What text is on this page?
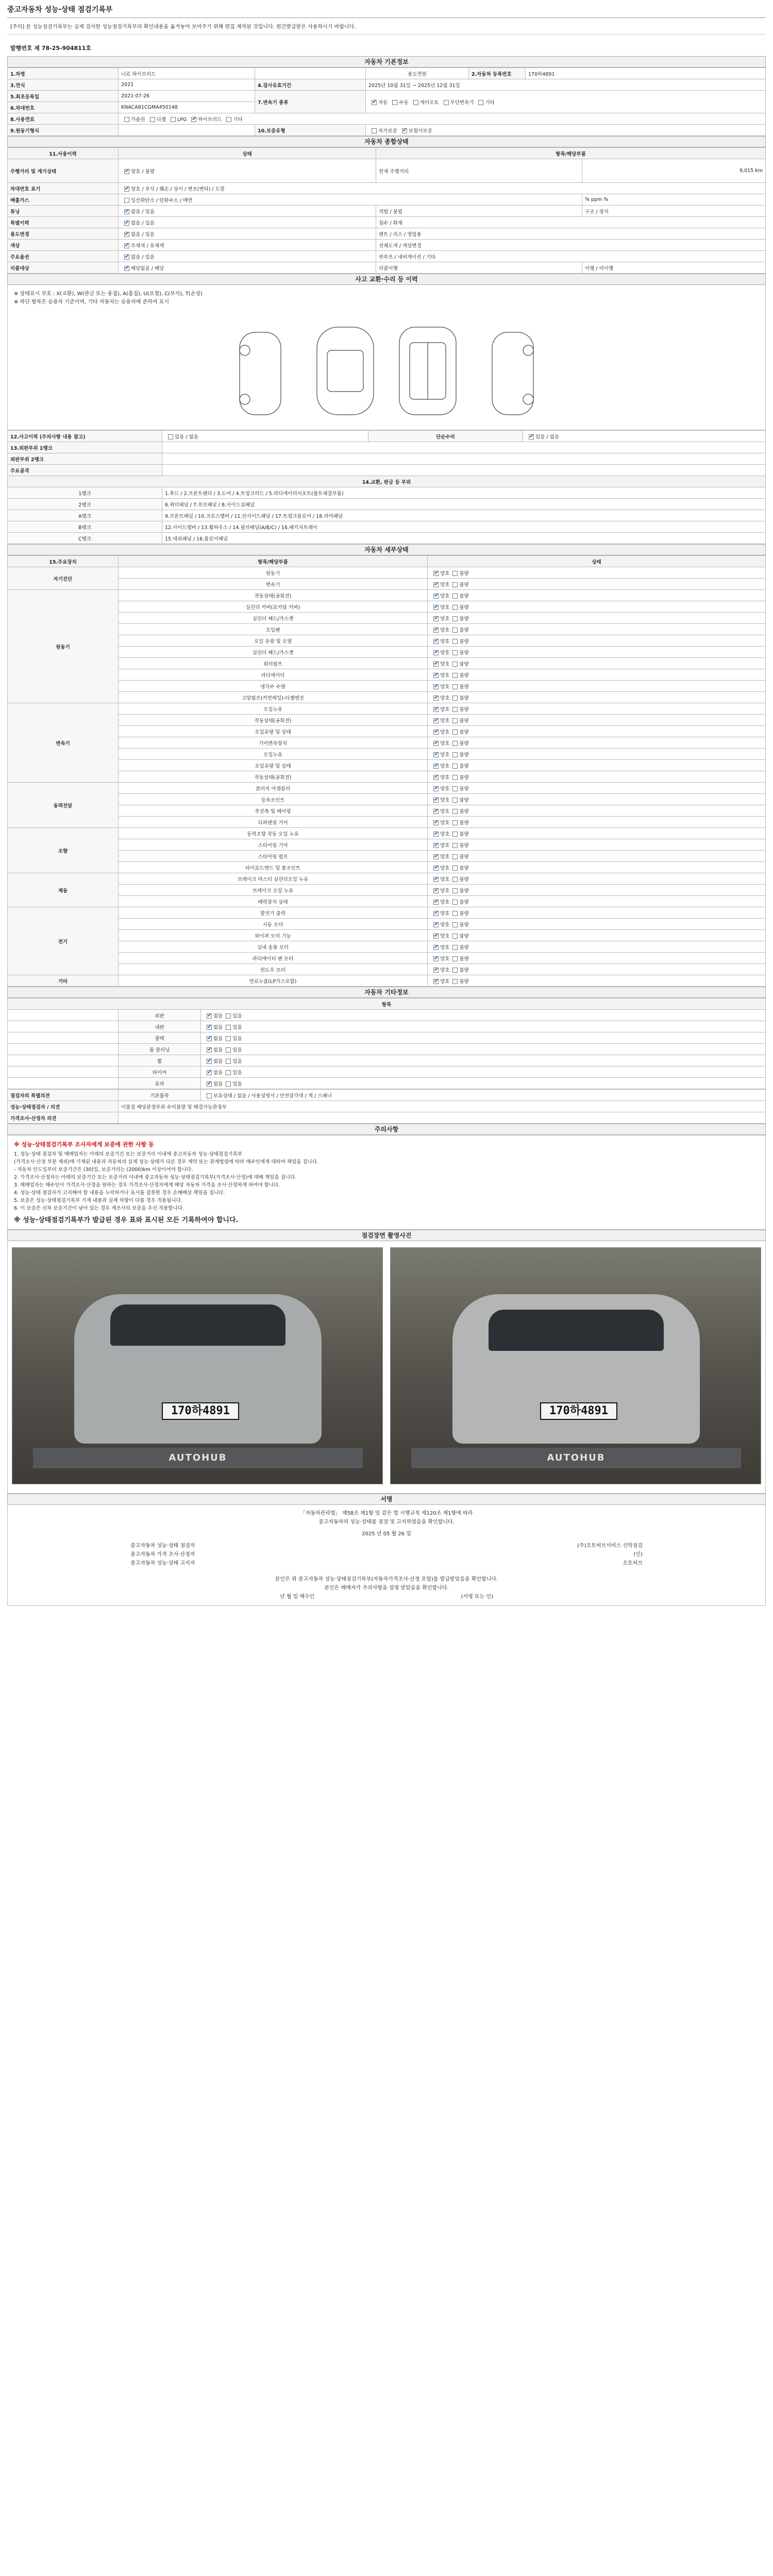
중고자동차 성능·상태 점검기록부
[주의] 본 성능점검기록부는 실제 검사한 성능점검기록부의 확인내용을 옮겨놓아 보여주기 위해 편집 제작된 것입니다. 원간발급받은 사용하시기 바랍니다.
발행번호 제 78-25-904811호
자동차 기본정보
1.차명	니로 하이브리드		용도연원	2.자동차 등록번호	170하4891
3.연식	2021	4.검사유효기간	2025년 10월 31일 ~ 2025년 12월 31일		
5.최초등록일	2021-07-26	7.변속기 종류	✔자동 수동 세미오토 무단변속기 기타
6.차대번호	KNACA81CGMA450148				
8.사용연료	가솔린 디젤 LPG ✔ 하이브리드 기타
9.원동기형식		10.보증유형	자가보증 ✔ 보험사보증
자동차 종합상태
11.사용이력	상태	항목/해당부품	
주행거리 및 계기상태	✔양호 / 불량	현재 주행거리	9,015 km
차대번호 표기	✔양호 / 부식 / 훼손 / 상이 / 변조(변타) / 도말
배출가스	일산화탄소 / 탄화수소 / 매연		% ppm %
튜닝	✔없음 / 있음	적법 / 불법	구조 / 장치
특별이력	✔없음 / 있음	침수 / 화재	
용도변경	✔없음 / 있음	렌트 / 리스 / 영업용	
색상	✔무채색 / 유채색	전체도색 / 색상변경	
주요옵션	✔없음 / 있음	썬루프 / 네비게이션 / 기타	
리콜대상	✔해당없음 / 해당	리콜이행	이행 / 미이행
사고 교환·수리 등 이력
※ 상태표시 부호 : X(교환), W(판금 또는 용접), A(흠집), U(요철), C(부식), T(손상)
※ 하단 항목은 승용차 기준이며, 기타 자동차는 승용차에 준하여 표시
12.사고이력 (주의사항 내용 참고)	있음 / 없음	단순수리	✔있음 / 없음
13.외판부위 1랭크			
외판부위 2랭크			
주요골격			
14.교환, 판금 등 부위			
1랭크	1.후드 / 2.프론트펜더 / 3.도어 / 4.트렁크리드 / 5.라디에이터서포트(볼트체결부품)		
2랭크	6.쿼터패널 / 7.루프패널 / 8.사이드실패널		
A랭크	9.프론트패널 / 10.크로스멤버 / 11.인사이드패널 / 17.트렁크플로어 / 18.리어패널		
B랭크	12.사이드멤버 / 13.휠하우스 / 14.필러패널(A/B/C) / 16.패키지트레이		
C랭크	15.대쉬패널 / 16.플로어패널		
자동차 세부상태
15.주요장치	항목/해당부품	상태
자기진단	원동기	✔양호 불량
	변속기	✔양호 불량
원동기	작동상태(공회전)	✔양호 불량
	실린더 커버(로커암 커버)	✔양호 불량
	실린더 헤드/가스켓	✔양호 불량
	오일팬	✔양호 불량
	오일 유량 및 오염	✔양호 불량
	실린더 헤드/가스켓	✔양호 불량
	워터펌프	✔양호 불량
	라디에이터	✔양호 불량
	냉각수 수량	✔양호 불량
	고압펌프(커먼레일)-디젤엔진	✔양호 불량
변속기	오일누유	✔양호 불량
	작동상태(공회전)	✔양호 불량
	오일유량 및 상태	✔양호 불량
	기어변속장치	✔양호 불량
	오일누유	✔양호 불량
	오일유량 및 상태	✔양호 불량
	작동상태(공회전)	✔양호 불량
동력전달	클러치 어셈블리	✔양호 불량
	등속조인트	✔양호 불량
	추진축 및 베어링	✔양호 불량
	디퍼렌셜 기어	✔양호 불량
조향	동력조향 작동 오일 누유	✔양호 불량
	스티어링 기어	✔양호 불량
	스티어링 펌프	✔양호 불량
	타이로드엔드 및 볼조인트	✔양호 불량
제동	브레이크 마스터 실린더오일 누유	✔양호 불량
	브레이크 오일 누유	✔양호 불량
	배력장치 상태	✔양호 불량
전기	발전기 출력	✔양호 불량
	시동 모터	✔양호 불량
	와이퍼 모터 기능	✔양호 불량
	실내 송풍 모터	✔양호 불량
	라디에이터 팬 모터	✔양호 불량
	윈도우 모터	✔양호 불량
기타	연료누출(LP가스포함)	✔양호 불량
자동차 기타정보
항목		
	외판	✔없음 있음
	내판	✔없음 있음
	광택	✔없음 있음
	룸 클리닝	✔없음 있음
	휠	✔없음 있음
	타이어	✔없음 있음
	유리	✔없음 있음
점검자의 특별의견	기본품목	보유상태 / 없음 / 사용설명서 / 안전삼각대 / 잭 / 스패너
성능·상태점검자 / 의견	이물질 해당관정부위 수리불량 및 해결가능관정부	
가격조사·산정자 의견		
주의사항
※ 성능·상태점검기록부 조사자에게 보증에 관한 사항 등
1. 성능·상태 점검자 및 매매업자는 아래의 보증기간 또는 보증거리 이내에 중고자동차 성능·상태점검기록부
(가격조사·산정 부분 제외)에 기재된 내용과 자동차의 실제 성능·상태가 다른 경우 계약 또는 관계법령에 따라 매수인에게 대하여 책임을 집니다.
- 자동차 인도일부터 보증기간은 (30)일, 보증거리는 (2000)km 이상이어야 합니다.
2. 가격조사·산정자는 아래의 보증기간 또는 보증거리 이내에 중고자동차 성능·상태점검기록부(가격조사·산정)에 대해 책임을 집니다.
3. 매매업자는 매수인이 가격조사·산정을 원하는 경우 가격조사·산정자에게 해당 자동차 가격을 조사·산정하게 하여야 합니다.
4. 성능·상태 점검자가 고지해야 할 내용을 누락하거나 표시를 잘못한 경우 손해배상 책임을 집니다.
5. 보증은 성능·상태점검기록부 기재 내용과 실제 차량이 다를 경우 적용됩니다.
6. 이 보증은 신차 보증기간이 남아 있는 경우 제조사의 보증을 우선 적용합니다.
※ 성능·상태점검기록부가 발급된 경우 표와 표시된 모든 기록하여야 합니다.
점검장면 촬영사진
170하4891
AUTOHUB
170하4891
AUTOHUB
서명
「자동차관리법」 제58조 제1항 및 같은 법 시행규칙 제120조 제1항에 따라
중고자동차의 성능·상태를 점검 및 고지하였음을 확인합니다.
2025 년 05 월 26 일
중고자동차 성능·상태 점검자	(주)오토허브서비스 신탁점검
중고자동차 가격 조사·산정자	(인)
중고자동차 성능·상태 고지자	오토허브
본인은 위 중고자동차 성능·상태점검기록부(자동차가격조사·산정 포함)를 발급받았음을 확인합니다.
본인은 매매자가 주의사항을 설명 받았음을 확인합니다.
년 월 일 매수인	(서명 또는 인)
